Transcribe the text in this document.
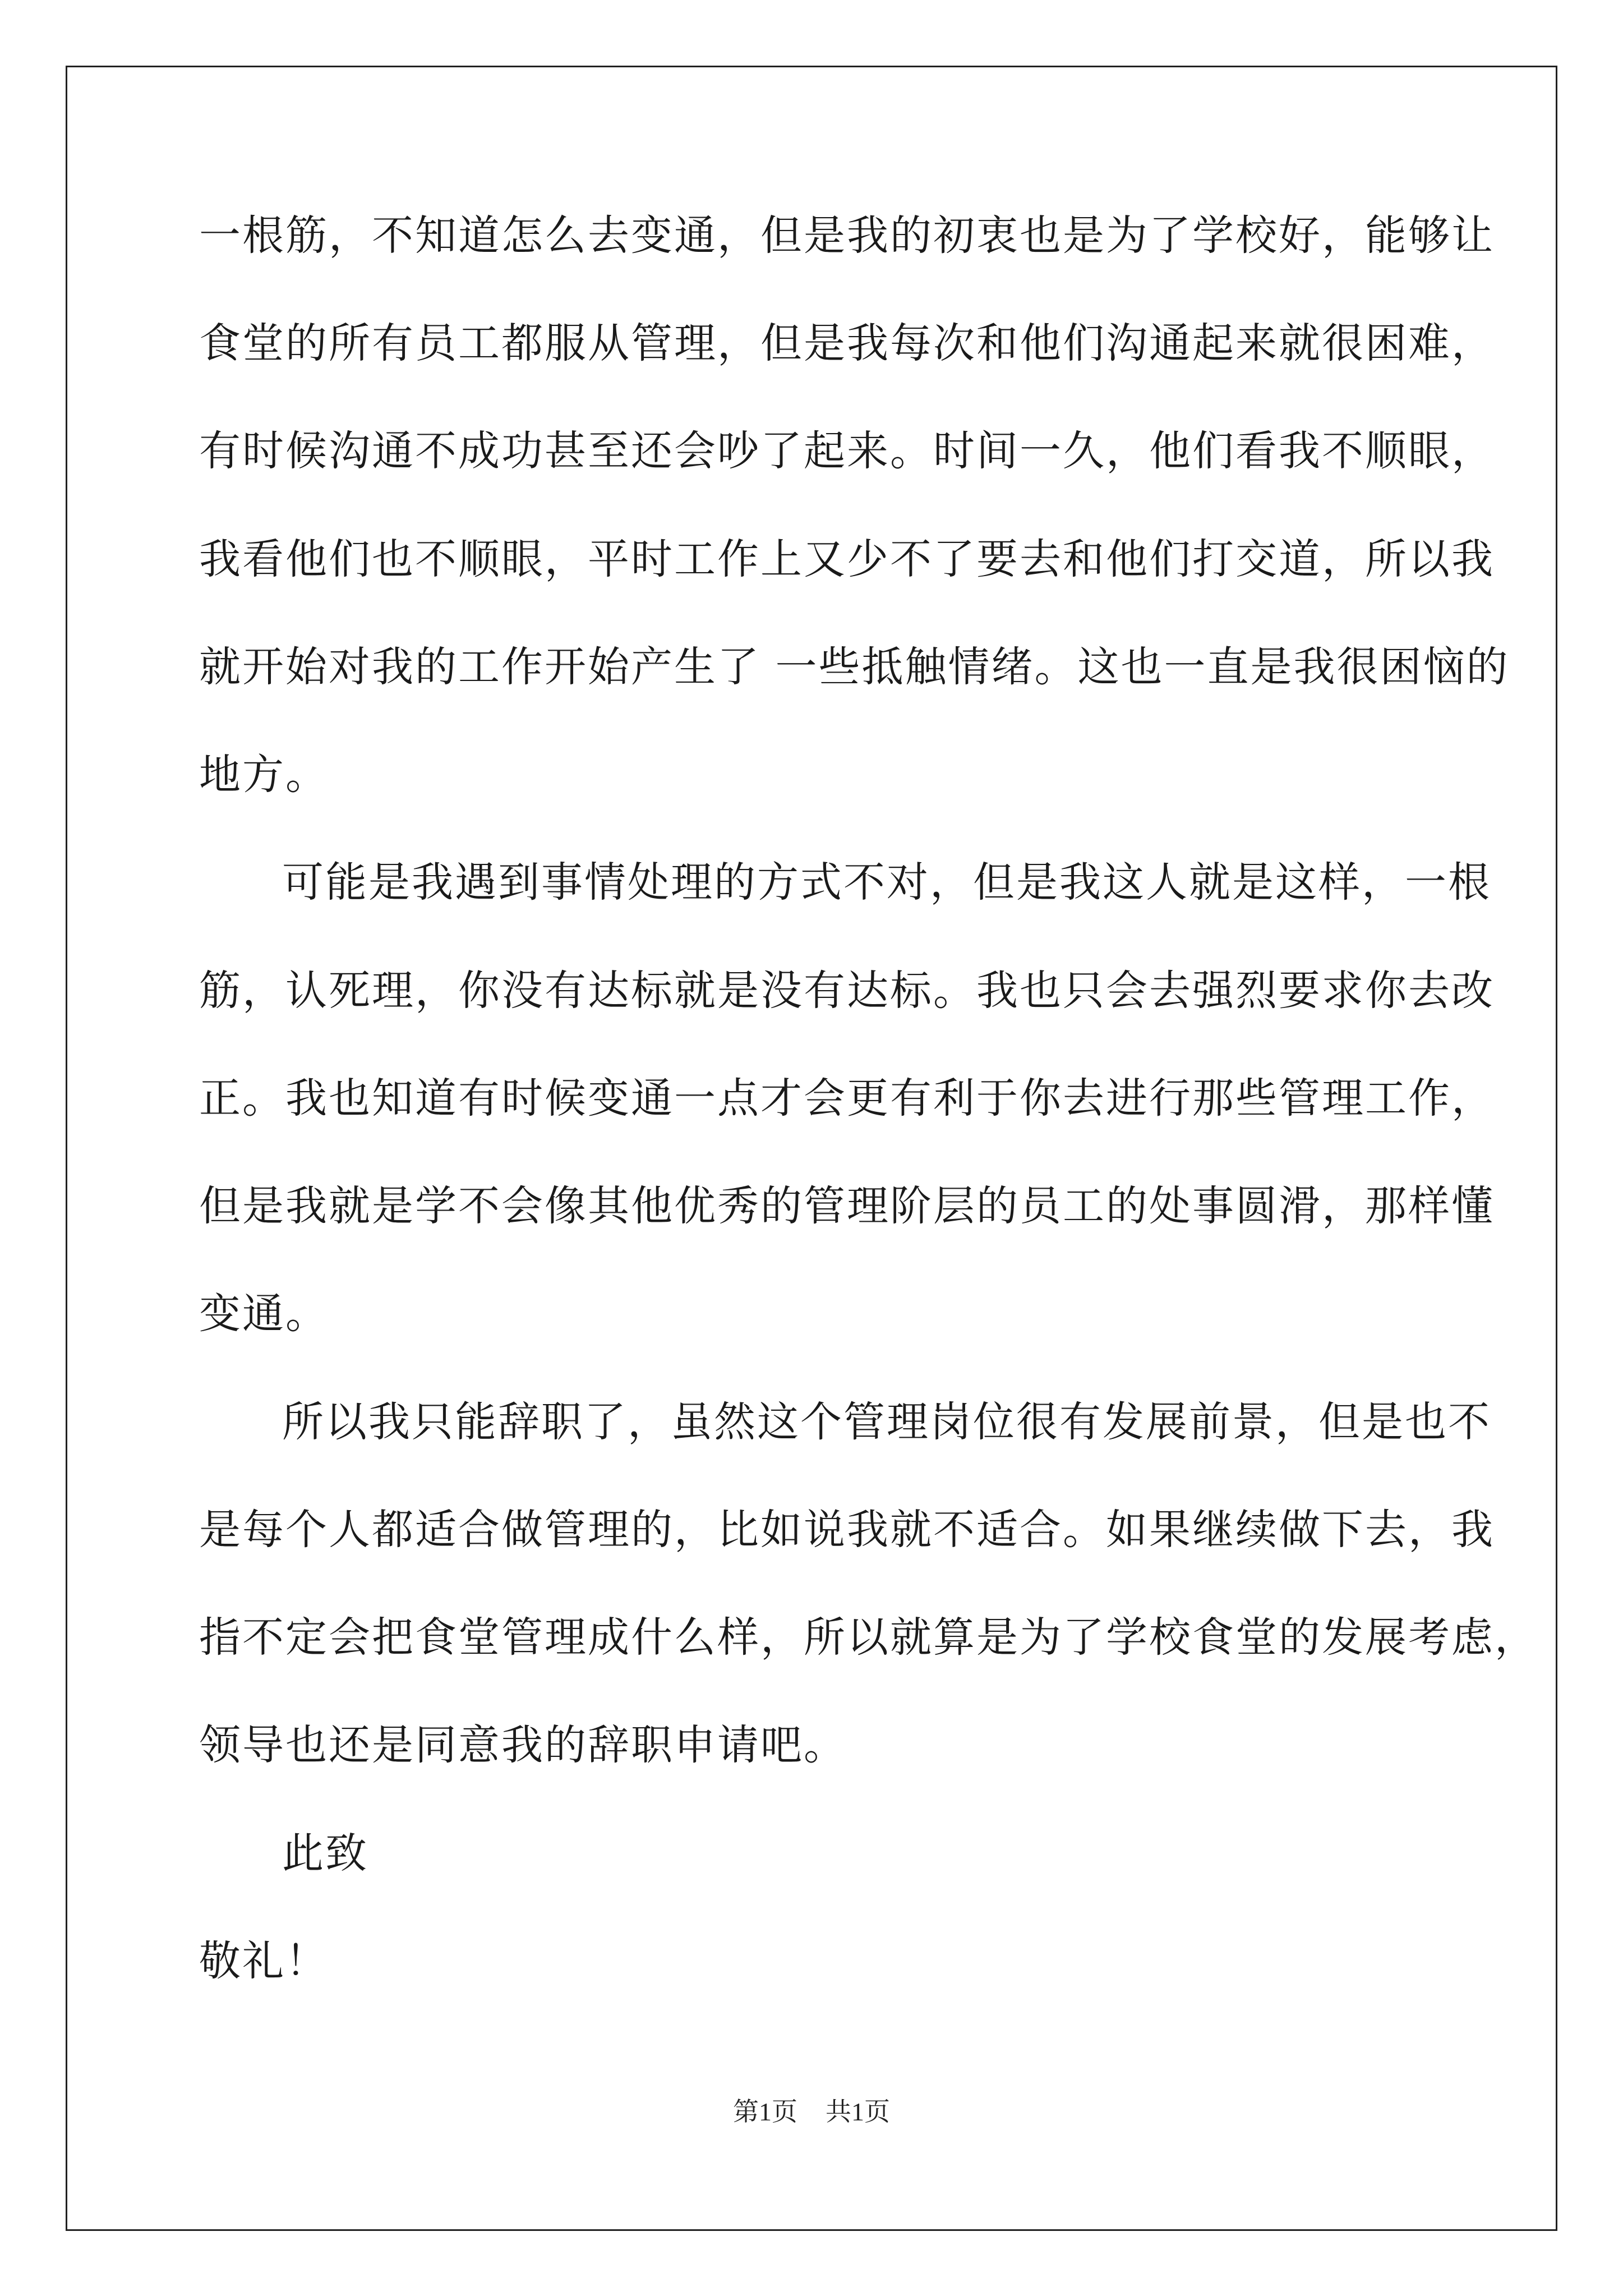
一根筋，不知道怎么去变通，但是我的初衷也是为了学校好，能够让
食堂的所有员工都服从管理，但是我每次和他们沟通起来就很困难，
有时候沟通不成功甚至还会吵了起来。时间一久，他们看我不顺眼，
我看他们也不顺眼，平时工作上又少不了要去和他们打交道，所以我
就开始对我的工作开始产生了 一些抵触情绪。这也一直是我很困恼的
地方。
可能是我遇到事情处理的方式不对，但是我这人就是这样，一根
筋，认死理，你没有达标就是没有达标。我也只会去强烈要求你去改
正。我也知道有时候变通一点才会更有利于你去进行那些管理工作，
但是我就是学不会像其他优秀的管理阶层的员工的处事圆滑，那样懂
变通。
所以我只能辞职了，虽然这个管理岗位很有发展前景，但是也不
是每个人都适合做管理的，比如说我就不适合。如果继续做下去，我
指不定会把食堂管理成什么样，所以就算是为了学校食堂的发展考虑，
领导也还是同意我的辞职申请吧。
此致
敬礼！
第1页 共1页
